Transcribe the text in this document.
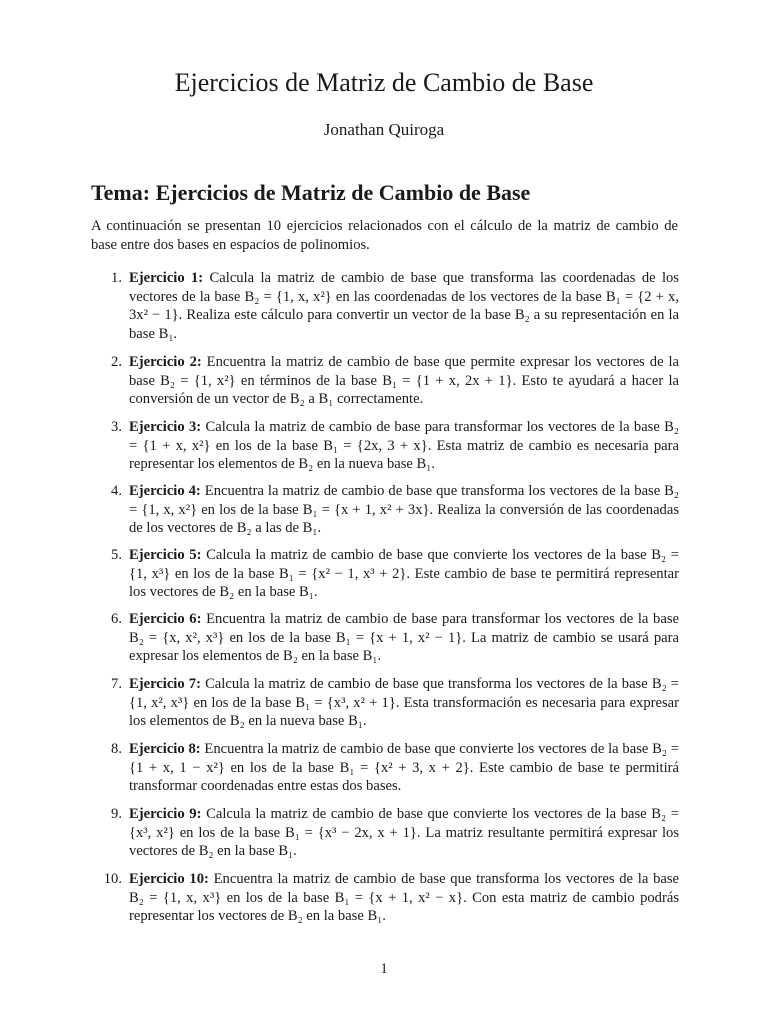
Ejercicios de Matriz de Cambio de Base

Jonathan Quiroga

Tema: Ejercicios de Matriz de Cambio de Base

A continuación se presentan 10 ejercicios relacionados con el cálculo de la matriz de cambio de base entre dos bases en espacios de polinomios.

1. Ejercicio 1: Calcula la matriz de cambio de base que transforma las coordenadas de los vectores de la base B₂ = {1, x, x²} en las coordenadas de los vectores de la base B₁ = {2 + x, 3x² − 1}. Realiza este cálculo para convertir un vector de la base B₂ a su representación en la base B₁.
2. Ejercicio 2: Encuentra la matriz de cambio de base que permite expresar los vectores de la base B₂ = {1, x²} en términos de la base B₁ = {1 + x, 2x + 1}. Esto te ayudará a hacer la conversión de un vector de B₂ a B₁ correctamente.
3. Ejercicio 3: Calcula la matriz de cambio de base para transformar los vectores de la base B₂ = {1 + x, x²} en los de la base B₁ = {2x, 3 + x}. Esta matriz de cambio es necesaria para representar los elementos de B₂ en la nueva base B₁.
4. Ejercicio 4: Encuentra la matriz de cambio de base que transforma los vectores de la base B₂ = {1, x, x²} en los de la base B₁ = {x + 1, x² + 3x}. Realiza la conversión de las coordenadas de los vectores de B₂ a las de B₁.
5. Ejercicio 5: Calcula la matriz de cambio de base que convierte los vectores de la base B₂ = {1, x³} en los de la base B₁ = {x² − 1, x³ + 2}. Este cambio de base te permitirá representar los vectores de B₂ en la base B₁.
6. Ejercicio 6: Encuentra la matriz de cambio de base para transformar los vectores de la base B₂ = {x, x², x³} en los de la base B₁ = {x + 1, x² − 1}. La matriz de cambio se usará para expresar los elementos de B₂ en la base B₁.
7. Ejercicio 7: Calcula la matriz de cambio de base que transforma los vectores de la base B₂ = {1, x², x³} en los de la base B₁ = {x³, x² + 1}. Esta transformación es necesaria para expresar los elementos de B₂ en la nueva base B₁.
8. Ejercicio 8: Encuentra la matriz de cambio de base que convierte los vectores de la base B₂ = {1 + x, 1 − x²} en los de la base B₁ = {x² + 3, x + 2}. Este cambio de base te permitirá transformar coordenadas entre estas dos bases.
9. Ejercicio 9: Calcula la matriz de cambio de base que convierte los vectores de la base B₂ = {x³, x²} en los de la base B₁ = {x³ − 2x, x + 1}. La matriz resultante permitirá expresar los vectores de B₂ en la base B₁.
10. Ejercicio 10: Encuentra la matriz de cambio de base que transforma los vectores de la base B₂ = {1, x, x³} en los de la base B₁ = {x + 1, x² − x}. Con esta matriz de cambio podrás representar los vectores de B₂ en la base B₁.

1
